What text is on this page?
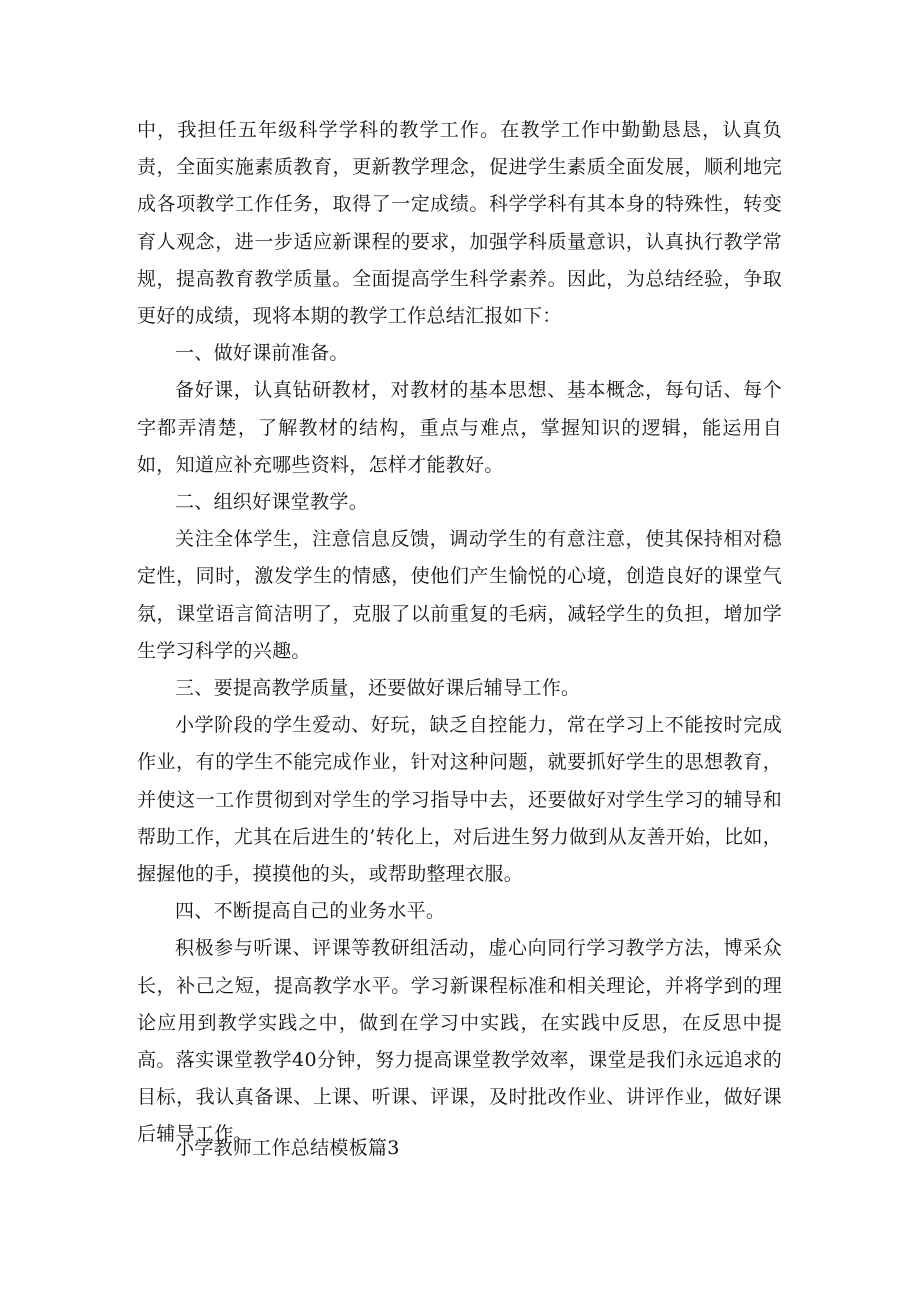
中，我担任五年级科学学科的教学工作。在教学工作中勤勤恳恳，认真负责，全面实施素质教育，更新教学理念，促进学生素质全面发展，顺利地完成各项教学工作任务，取得了一定成绩。科学学科有其本身的特殊性，转变育人观念，进一步适应新课程的要求，加强学科质量意识，认真执行教学常规，提高教育教学质量。全面提高学生科学素养。因此，为总结经验，争取更好的成绩，现将本期的教学工作总结汇报如下：

一、做好课前准备。

备好课，认真钻研教材，对教材的基本思想、基本概念，每句话、每个字都弄清楚，了解教材的结构，重点与难点，掌握知识的逻辑，能运用自如，知道应补充哪些资料，怎样才能教好。

二、组织好课堂教学。

关注全体学生，注意信息反馈，调动学生的有意注意，使其保持相对稳定性，同时，激发学生的情感，使他们产生愉悦的心境，创造良好的课堂气氛，课堂语言简洁明了，克服了以前重复的毛病，减轻学生的负担，增加学生学习科学的兴趣。

三、要提高教学质量，还要做好课后辅导工作。

小学阶段的学生爱动、好玩，缺乏自控能力，常在学习上不能按时完成作业，有的学生不能完成作业，针对这种问题，就要抓好学生的思想教育，并使这一工作贯彻到对学生的学习指导中去，还要做好对学生学习的辅导和帮助工作，尤其在后进生的’转化上，对后进生努力做到从友善开始，比如，握握他的手，摸摸他的头，或帮助整理衣服。

四、不断提高自己的业务水平。

积极参与听课、评课等教研组活动，虚心向同行学习教学方法，博采众长，补己之短，提高教学水平。学习新课程标准和相关理论，并将学到的理论应用到教学实践之中，做到在学习中实践，在实践中反思，在反思中提高。落实课堂教学40分钟，努力提高课堂教学效率，课堂是我们永远追求的目标，我认真备课、上课、听课、评课，及时批改作业、讲评作业，做好课后辅导工作。

小学教师工作总结模板篇3
